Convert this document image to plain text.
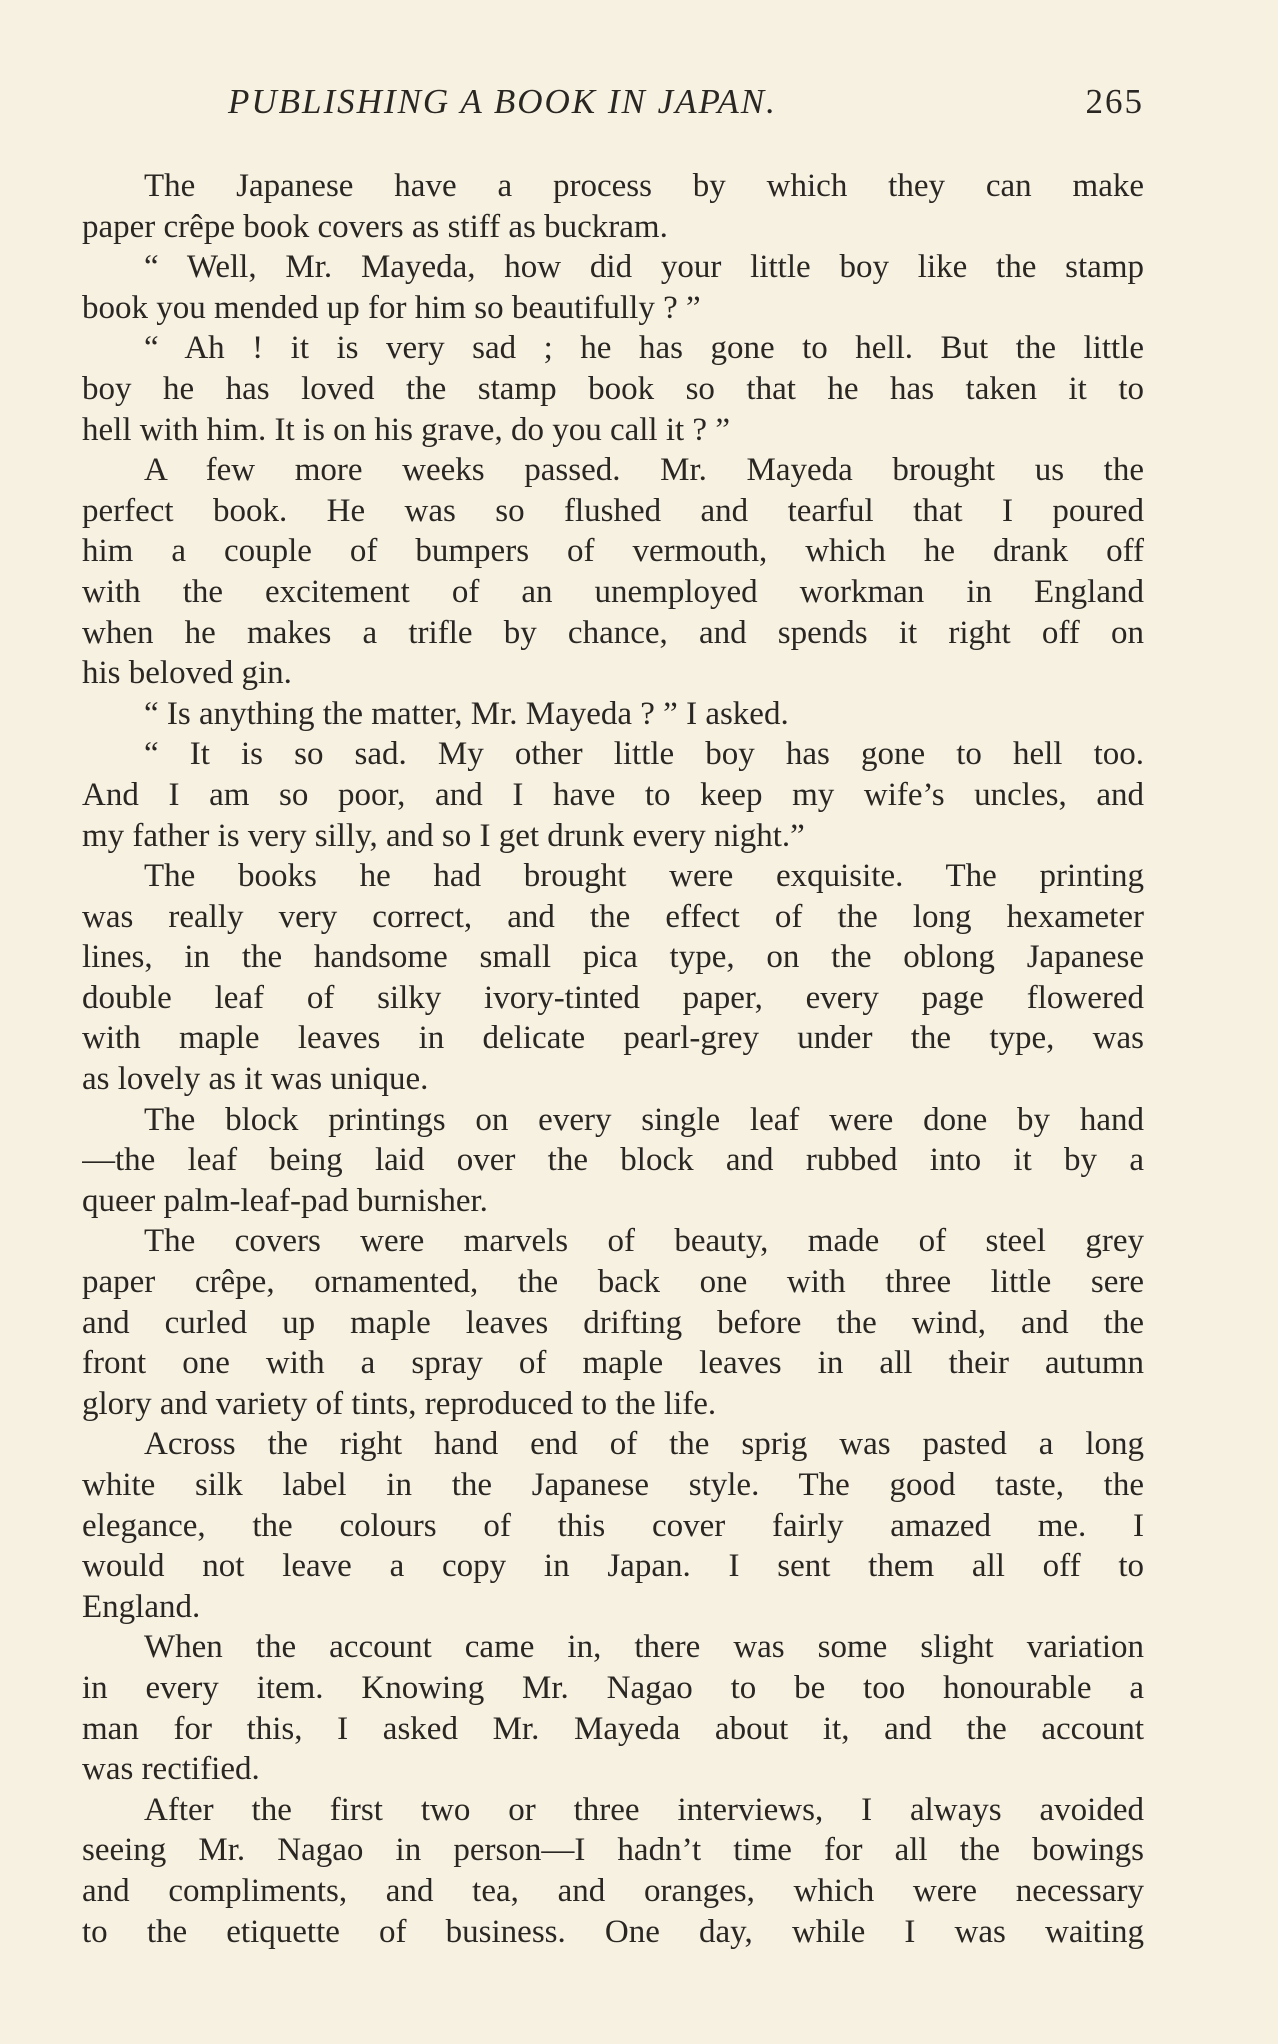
PUBLISHING A BOOK IN JAPAN.	265
The Japanese have a process by which they can make
paper crêpe book covers as stiff as buckram.
“ Well, Mr. Mayeda, how did your little boy like the stamp
book you mended up for him so beautifully ? ”
“ Ah ! it is very sad ; he has gone to hell. But the little
boy he has loved the stamp book so that he has taken it to
hell with him. It is on his grave, do you call it ? ”
A few more weeks passed. Mr. Mayeda brought us the
perfect book. He was so flushed and tearful that I poured
him a couple of bumpers of vermouth, which he drank off
with the excitement of an unemployed workman in England
when he makes a trifle by chance, and spends it right off on
his beloved gin.
“ Is anything the matter, Mr. Mayeda ? ” I asked.
“ It is so sad. My other little boy has gone to hell too.
And I am so poor, and I have to keep my wife’s uncles, and
my father is very silly, and so I get drunk every night.”
The books he had brought were exquisite. The printing
was really very correct, and the effect of the long hexameter
lines, in the handsome small pica type, on the oblong Japanese
double leaf of silky ivory-tinted paper, every page flowered
with maple leaves in delicate pearl-grey under the type, was
as lovely as it was unique.
The block printings on every single leaf were done by hand
—the leaf being laid over the block and rubbed into it by a
queer palm-leaf-pad burnisher.
The covers were marvels of beauty, made of steel grey
paper crêpe, ornamented, the back one with three little sere
and curled up maple leaves drifting before the wind, and the
front one with a spray of maple leaves in all their autumn
glory and variety of tints, reproduced to the life.
Across the right hand end of the sprig was pasted a long
white silk label in the Japanese style. The good taste, the
elegance, the colours of this cover fairly amazed me. I
would not leave a copy in Japan. I sent them all off to
England.
When the account came in, there was some slight variation
in every item. Knowing Mr. Nagao to be too honourable a
man for this, I asked Mr. Mayeda about it, and the account
was rectified.
After the first two or three interviews, I always avoided
seeing Mr. Nagao in person—I hadn’t time for all the bowings
and compliments, and tea, and oranges, which were necessary
to the etiquette of business. One day, while I was waiting
